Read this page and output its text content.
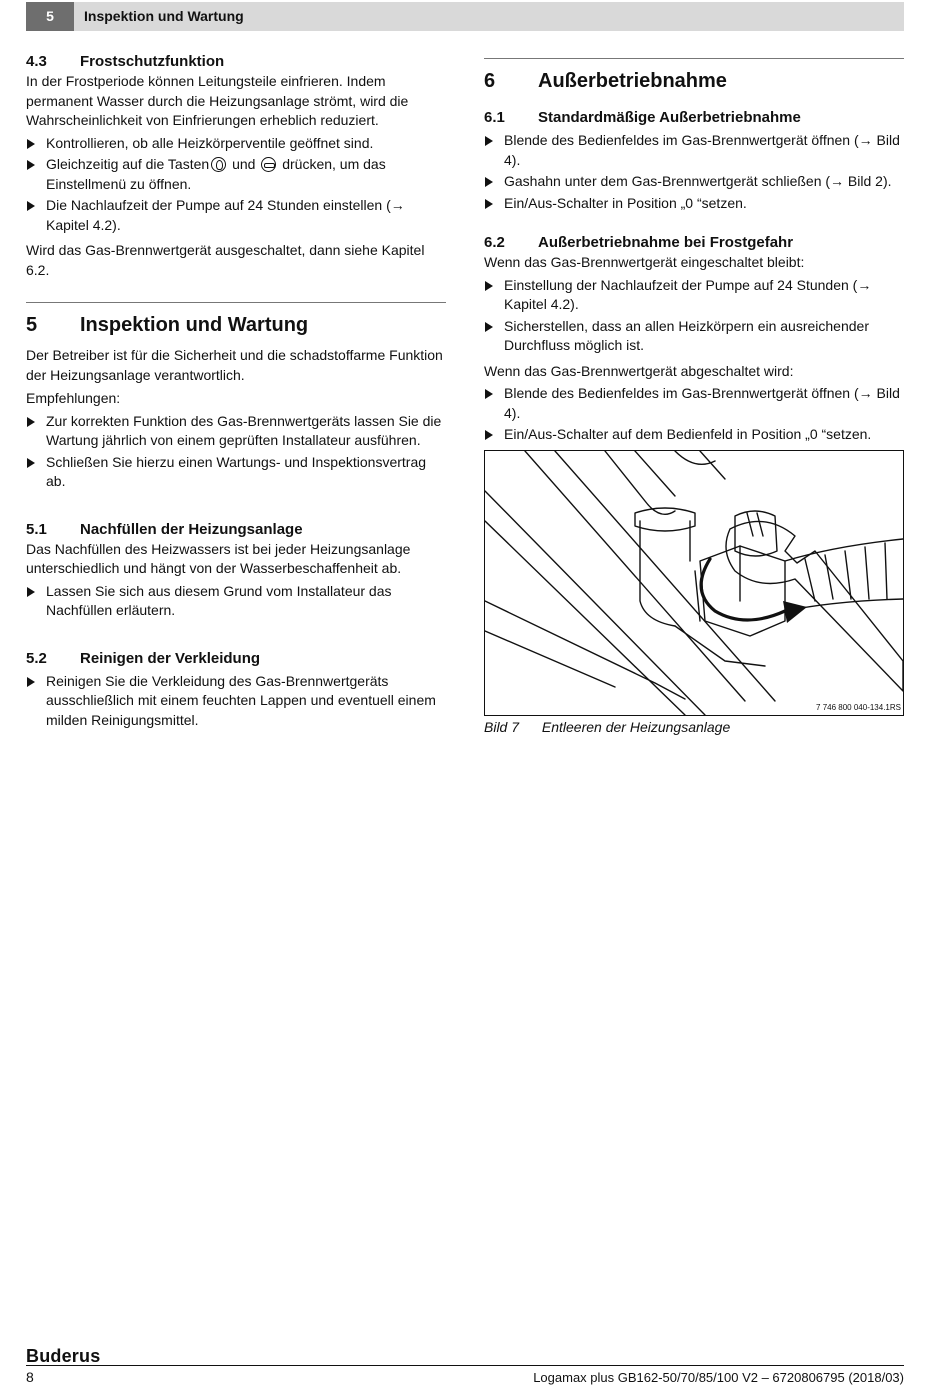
5	Inspektion und Wartung
4.3	Frostschutzfunktion

In der Frostperiode können Leitungsteile einfrieren. Indem permanent Wasser durch die Heizungsanlage strömt, wird die Wahrscheinlichkeit von Einfrierungen erheblich reduziert.

Kontrollieren, ob alle Heizkörperventile geöffnet sind.
Gleichzeitig auf die Tasten und drücken, um das Einstellmenü zu öffnen.
Die Nachlaufzeit der Pumpe auf 24 Stunden einstellen (→ Kapitel 4.2).

Wird das Gas-Brennwertgerät ausgeschaltet, dann siehe Kapitel 6.2.

5	Inspektion und Wartung

Der Betreiber ist für die Sicherheit und die schadstoffarme Funktion der Heizungsanlage verantwortlich.

Empfehlungen:

Zur korrekten Funktion des Gas-Brennwertgeräts lassen Sie die Wartung jährlich von einem geprüften Installateur ausführen.
Schließen Sie hierzu einen Wartungs- und Inspektionsvertrag ab.
5.1	Nachfüllen der Heizungsanlage

Das Nachfüllen des Heizwassers ist bei jeder Heizungsanlage unterschiedlich und hängt von der Wasserbeschaffenheit ab.

Lassen Sie sich aus diesem Grund vom Installateur das Nachfüllen erläutern.
5.2	Reinigen der Verkleidung
Reinigen Sie die Verkleidung des Gas-Brennwertgeräts ausschließlich mit einem feuchten Lappen und eventuell einem milden Reinigungsmittel.
6	Außerbetriebnahme
6.1	Standardmäßige Außerbetriebnahme
Blende des Bedienfeldes im Gas-Brennwertgerät öffnen (→ Bild 4).
Gashahn unter dem Gas-Brennwertgerät schließen (→ Bild 2).
Ein/Aus-Schalter in Position „0 “setzen.
6.2	Außerbetriebnahme bei Frostgefahr

Wenn das Gas-Brennwertgerät eingeschaltet bleibt:

Einstellung der Nachlaufzeit der Pumpe auf 24 Stunden (→ Kapitel 4.2).
Sicherstellen, dass an allen Heizkörpern ein ausreichender Durchfluss möglich ist.

Wenn das Gas-Brennwertgerät abgeschaltet wird:

Blende des Bedienfeldes im Gas-Brennwertgerät öffnen (→ Bild 4).
Ein/Aus-Schalter auf dem Bedienfeld in Position „0 “setzen.
7 746 800 040-134.1RS
Bild 7 Entleeren der Heizungsanlage
Buderus
8	Logamax plus GB162-50/70/85/100 V2 – 6720806795 (2018/03)
